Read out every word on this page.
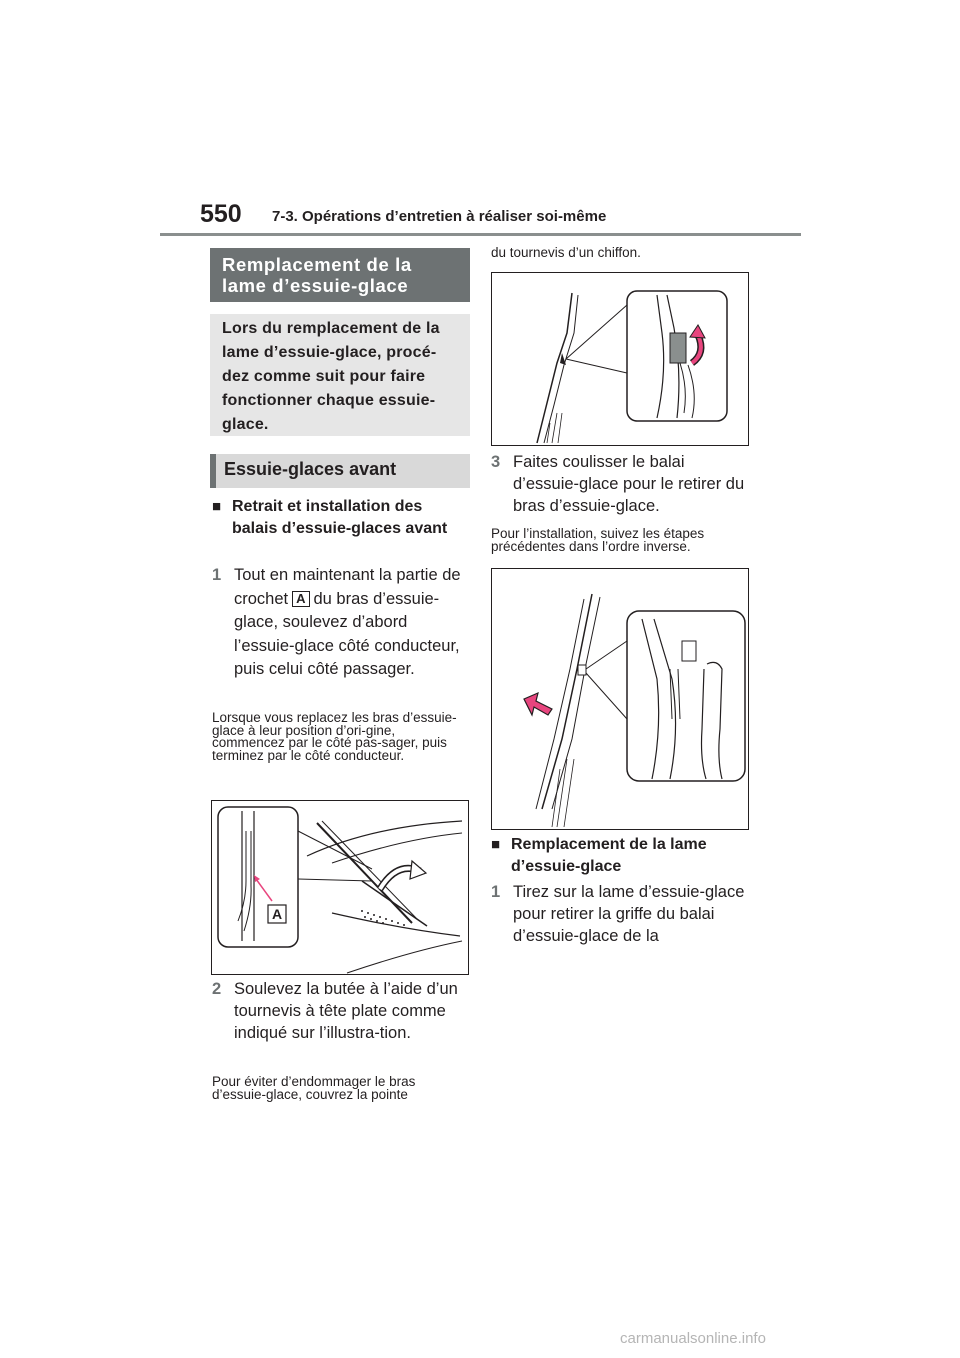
550 7-3. Opérations d’entretien à réaliser soi-même
Remplacement de la
lame d’essuie-glace
Lors du remplacement de la lame d’essuie-glace, procé-dez comme suit pour faire fonctionner chaque essuie-glace.
Essuie-glaces avant
■ Retrait et installation des balais d’essuie-glaces avant
1 Tout en maintenant la partie de crochet A du bras d’essuie-glace, soulevez d’abord l’essuie-glace côté conducteur, puis celui côté passager.
Lorsque vous replacez les bras d’essuie-glace à leur position d’ori-gine, commencez par le côté pas-sager, puis terminez par le côté conducteur.
A
2 Soulevez la butée à l’aide d’un tournevis à tête plate comme indiqué sur l’illustra-tion.
Pour éviter d’endommager le bras d’essuie-glace, couvrez la pointe
du tournevis d’un chiffon.
3 Faites coulisser le balai d’essuie-glace pour le retirer du bras d’essuie-glace.
Pour l’installation, suivez les étapes précédentes dans l’ordre inverse.
■ Remplacement de la lame d’essuie-glace
1 Tirez sur la lame d’essuie-glace pour retirer la griffe du balai d’essuie-glace de la
carmanualsonline.info
